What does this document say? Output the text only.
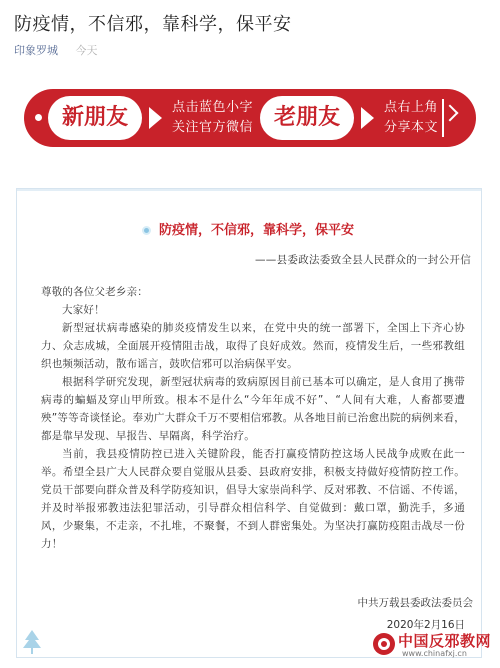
防疫情，不信邪，靠科学，保平安
印象罗城 今天
新朋友	点击蓝色小字
关注官方微信 老朋友	点右上角
分享本文
防疫情，不信邪，靠科学，保平安
——县委政法委致全县人民群众的一封公开信

尊敬的各位父老乡亲：

大家好！

新型冠状病毒感染的肺炎疫情发生以来，在党中央的统一部署下，全国上下齐心协力、众志成城，全面展开疫情阻击战，取得了良好成效。然而，疫情发生后，一些邪教组织也频频活动，散布谣言，鼓吹信邪可以治病保平安。

根据科学研究发现，新型冠状病毒的致病原因目前已基本可以确定，是人食用了携带病毒的蝙蝠及穿山甲所致。根本不是什么“今年年成不好”、“人间有大难，人畜都要遭殃”等等奇谈怪论。奉劝广大群众千万不要相信邪教。从各地目前已治愈出院的病例来看，都是靠早发现、早报告、早隔离，科学治疗。

当前，我县疫情防控已进入关键阶段，能否打赢疫情防控这场人民战争成败在此一举。希望全县广大人民群众要自觉服从县委、县政府安排，积极支持做好疫情防控工作。党员干部要向群众普及科学防疫知识，倡导大家崇尚科学、反对邪教、不信谣、不传谣，并及时举报邪教违法犯罪活动，引导群众相信科学、自觉做到：戴口罩，勤洗手，多通风，少聚集，不走亲，不扎堆，不聚餐，不到人群密集处。为坚决打赢防疫阻击战尽一份力！

中共万载县委政法委员会
2020年2月16日
中国反邪教网
www.chinafxj.cn
